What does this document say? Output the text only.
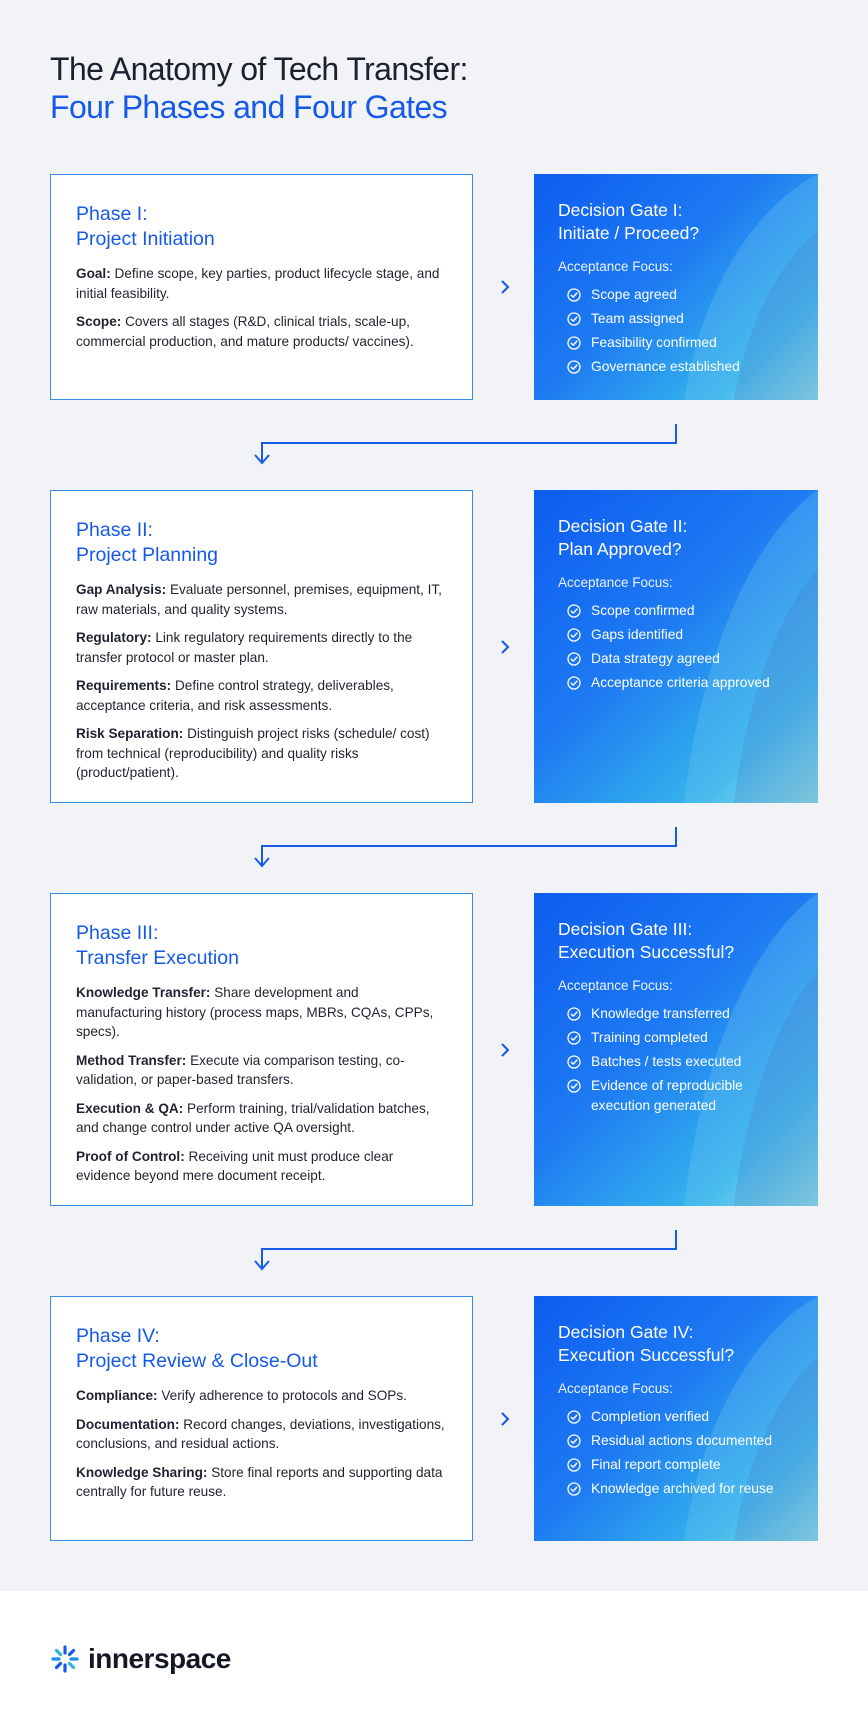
The Anatomy of Tech Transfer:
Four Phases and Four Gates
Phase I:
Project Initiation
Goal: Define scope, key parties, product lifecycle stage, and initial feasibility.
Scope: Covers all stages (R&D, clinical trials, scale-up, commercial production, and mature products/ vaccines).
Decision Gate I:
Initiate / Proceed?
Acceptance Focus:
Scope agreed
Team assigned
Feasibility confirmed
Governance established
Phase II:
Project Planning
Gap Analysis: Evaluate personnel, premises, equipment, IT, raw materials, and quality systems.
Regulatory: Link regulatory requirements directly to the transfer protocol or master plan.
Requirements: Define control strategy, deliverables, acceptance criteria, and risk assessments.
Risk Separation: Distinguish project risks (schedule/ cost) from technical (reproducibility) and quality risks (product/patient).
Decision Gate II:
Plan Approved?
Acceptance Focus:
Scope confirmed
Gaps identified
Data strategy agreed
Acceptance criteria approved
Phase III:
Transfer Execution
Knowledge Transfer: Share development and manufacturing history (process maps, MBRs, CQAs, CPPs, specs).
Method Transfer: Execute via comparison testing, co-validation, or paper-based transfers.
Execution & QA: Perform training, trial/validation batches, and change control under active QA oversight.
Proof of Control: Receiving unit must produce clear evidence beyond mere document receipt.
Decision Gate III:
Execution Successful?
Acceptance Focus:
Knowledge transferred
Training completed
Batches / tests executed
Evidence of reproducible execution generated
Phase IV:
Project Review & Close-Out
Compliance: Verify adherence to protocols and SOPs.
Documentation: Record changes, deviations, investigations, conclusions, and residual actions.
Knowledge Sharing: Store final reports and supporting data centrally for future reuse.
Decision Gate IV:
Execution Successful?
Acceptance Focus:
Completion verified
Residual actions documented
Final report complete
Knowledge archived for reuse
innerspace
